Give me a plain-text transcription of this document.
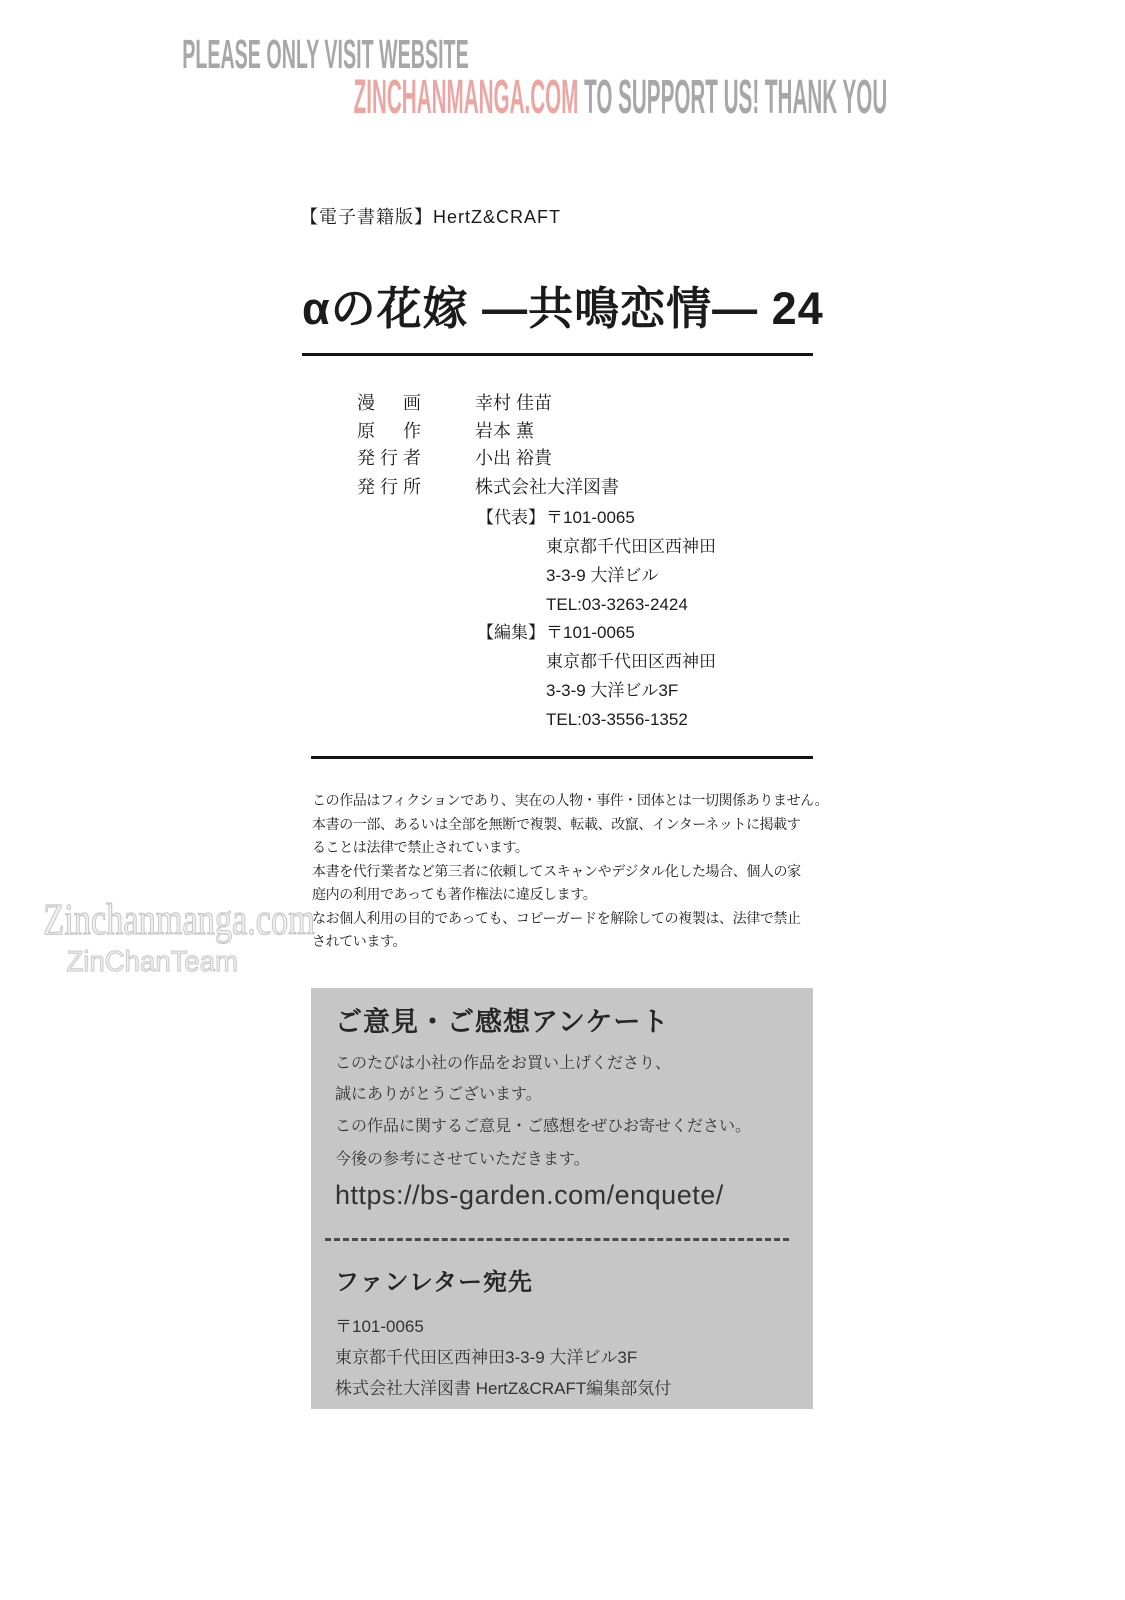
PLEASE ONLY VISIT WEBSITE
ZINCHANMANGA.COM TO SUPPORT US! THANK YOU
【電子書籍版】HertZ&CRAFT
αの花嫁 ―共鳴恋情― 24
漫画	幸村 佳苗
原作	岩本 薫
発行者	小出 裕貴
発行所	株式会社大洋図書
【代表】 〒101-0065
東京都千代田区西神田
3-3-9 大洋ビル
TEL:03-3263-2424
【編集】 〒101-0065
東京都千代田区西神田
3-3-9 大洋ビル3F
TEL:03-3556-1352
この作品はフィクションであり、実在の人物・事件・団体とは一切関係ありません。
本書の一部、あるいは全部を無断で複製、転載、改竄、インターネットに掲載す
ることは法律で禁止されています。
本書を代行業者など第三者に依頼してスキャンやデジタル化した場合、個人の家
庭内の利用であっても著作権法に違反します。
なお個人利用の目的であっても、コピーガードを解除しての複製は、法律で禁止
されています。
ご意見・ご感想アンケート
このたびは小社の作品をお買い上げくださり、
誠にありがとうございます。
この作品に関するご意見・ご感想をぜひお寄せください。
今後の参考にさせていただきます。
https://bs-garden.com/enquete/
ファンレター宛先
〒101-0065
東京都千代田区西神田3-3-9 大洋ビル3F
株式会社大洋図書 HertZ&CRAFT編集部気付
Zinchanmanga.com
ZinChanTeam
